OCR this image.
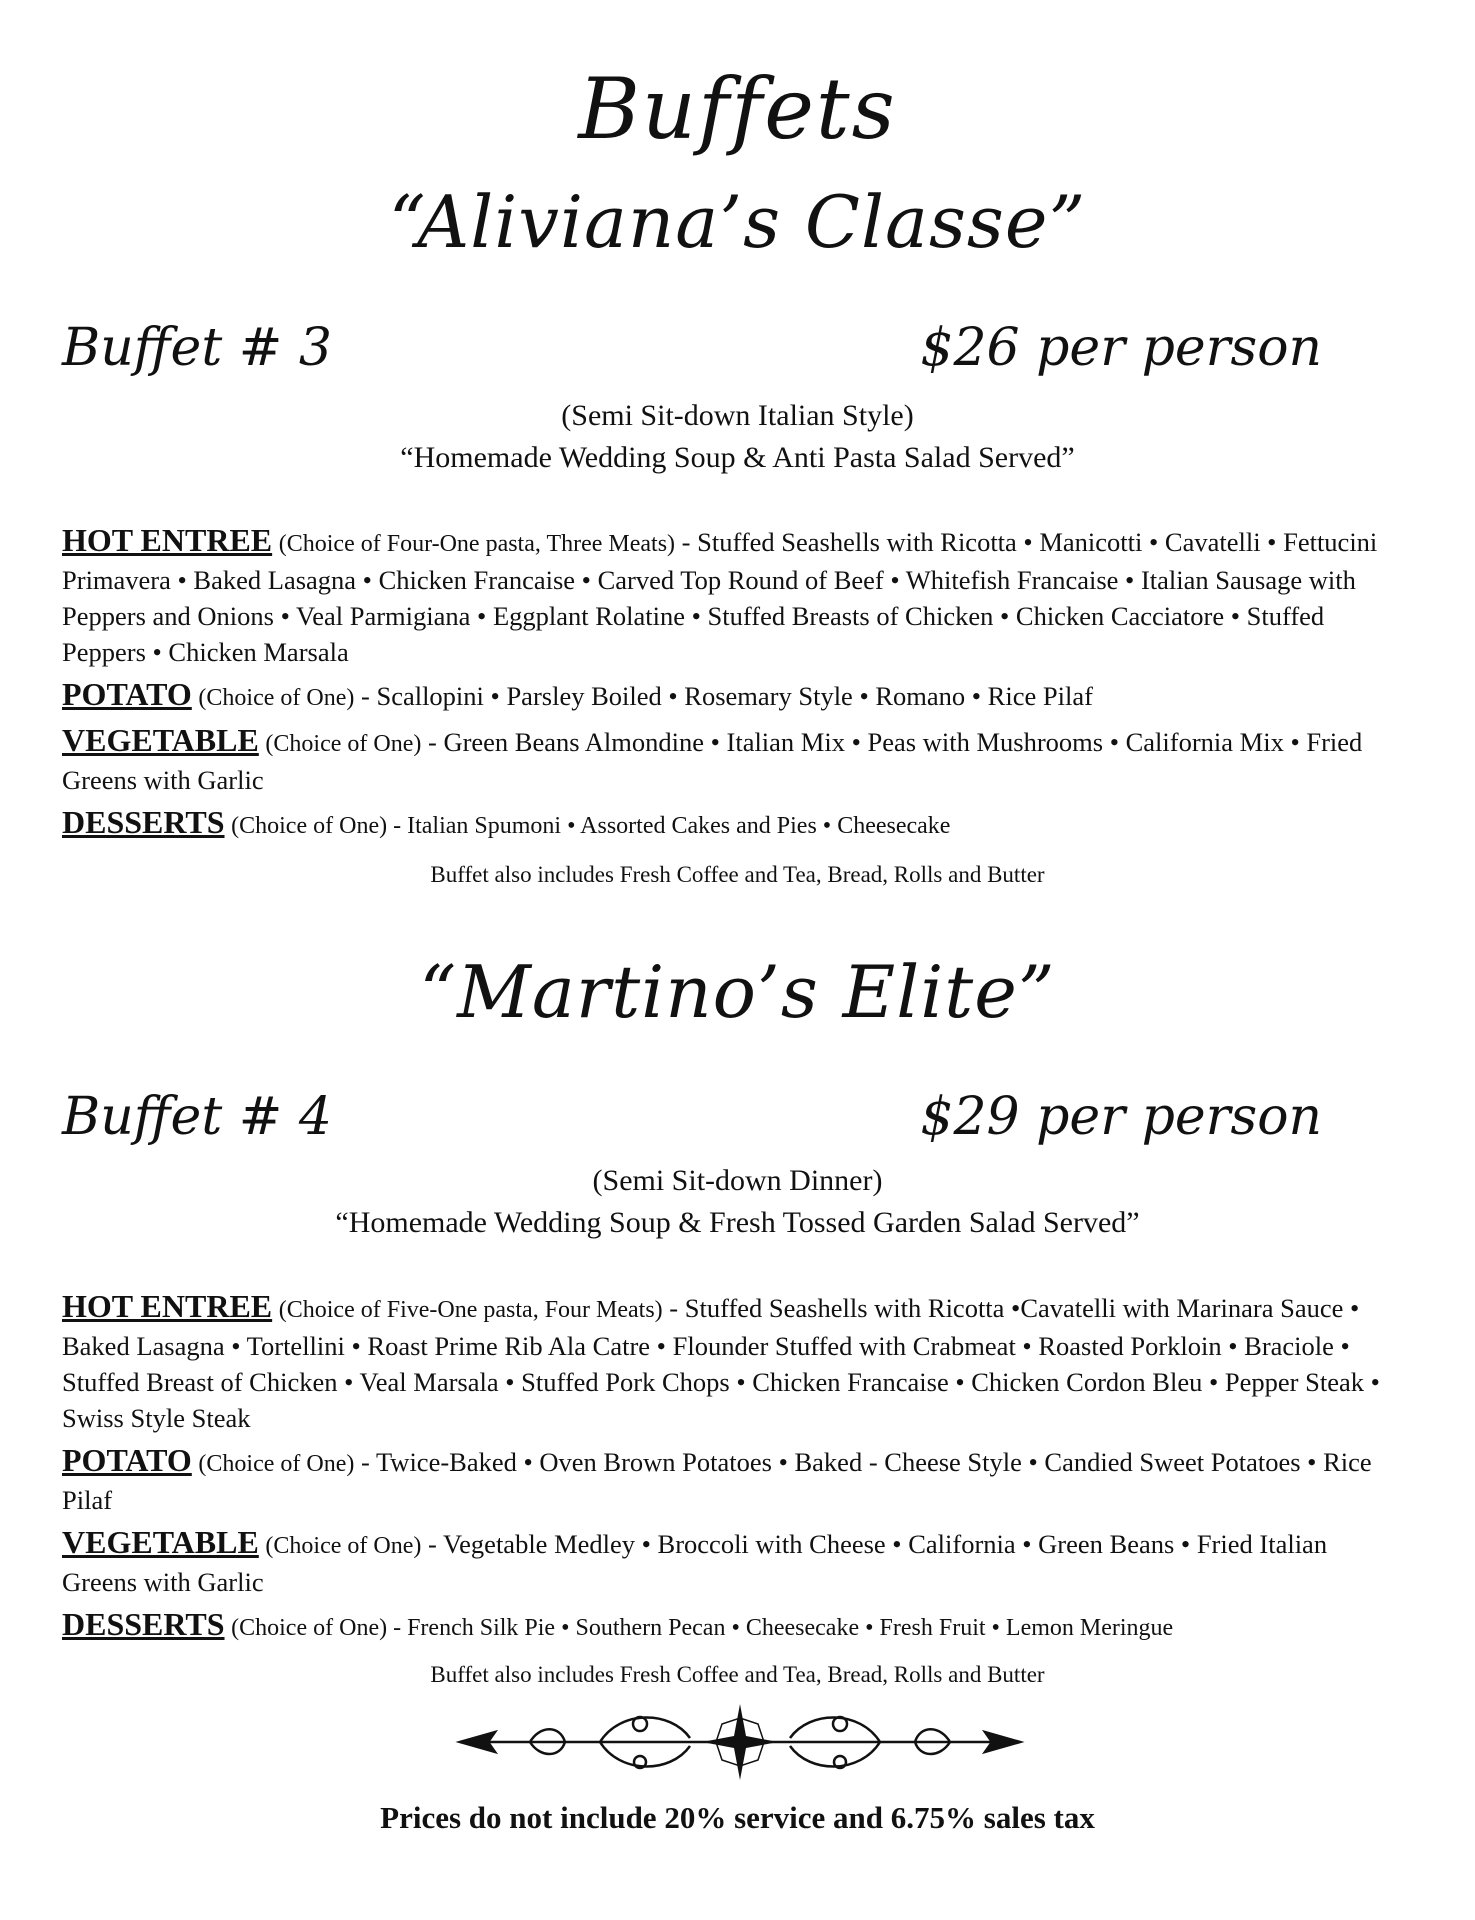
Buffets
“Aliviana’s Classe”
Buffet # 3	$26 per person
(Semi Sit-down Italian Style)
“Homemade Wedding Soup & Anti Pasta Salad Served”

HOT ENTREE (Choice of Four-One pasta, Three Meats) - Stuffed Seashells with Ricotta • Manicotti • Cavatelli • Fettucini Primavera • Baked Lasagna • Chicken Francaise • Carved Top Round of Beef • Whitefish Francaise • Italian Sausage with Peppers and Onions • Veal Parmigiana • Eggplant Rolatine • Stuffed Breasts of Chicken • Chicken Cacciatore • Stuffed Peppers • Chicken Marsala

POTATO (Choice of One) - Scallopini • Parsley Boiled • Rosemary Style • Romano • Rice Pilaf

VEGETABLE (Choice of One) - Green Beans Almondine • Italian Mix • Peas with Mushrooms • California Mix • Fried Greens with Garlic

DESSERTS (Choice of One) - Italian Spumoni • Assorted Cakes and Pies • Cheesecake

Buffet also includes Fresh Coffee and Tea, Bread, Rolls and Butter
“Martino’s Elite”
Buffet # 4	$29 per person
(Semi Sit-down Dinner)
“Homemade Wedding Soup & Fresh Tossed Garden Salad Served”

HOT ENTREE (Choice of Five-One pasta, Four Meats) - Stuffed Seashells with Ricotta •Cavatelli with Marinara Sauce • Baked Lasagna • Tortellini • Roast Prime Rib Ala Catre • Flounder Stuffed with Crabmeat • Roasted Porkloin • Braciole • Stuffed Breast of Chicken • Veal Marsala • Stuffed Pork Chops • Chicken Francaise • Chicken Cordon Bleu • Pepper Steak • Swiss Style Steak

POTATO (Choice of One) - Twice-Baked • Oven Brown Potatoes • Baked - Cheese Style • Candied Sweet Potatoes • Rice Pilaf

VEGETABLE (Choice of One) - Vegetable Medley • Broccoli with Cheese • California • Green Beans • Fried Italian Greens with Garlic

DESSERTS (Choice of One) - French Silk Pie • Southern Pecan • Cheesecake • Fresh Fruit • Lemon Meringue

Buffet also includes Fresh Coffee and Tea, Bread, Rolls and Butter
Prices do not include 20% service and 6.75% sales tax
